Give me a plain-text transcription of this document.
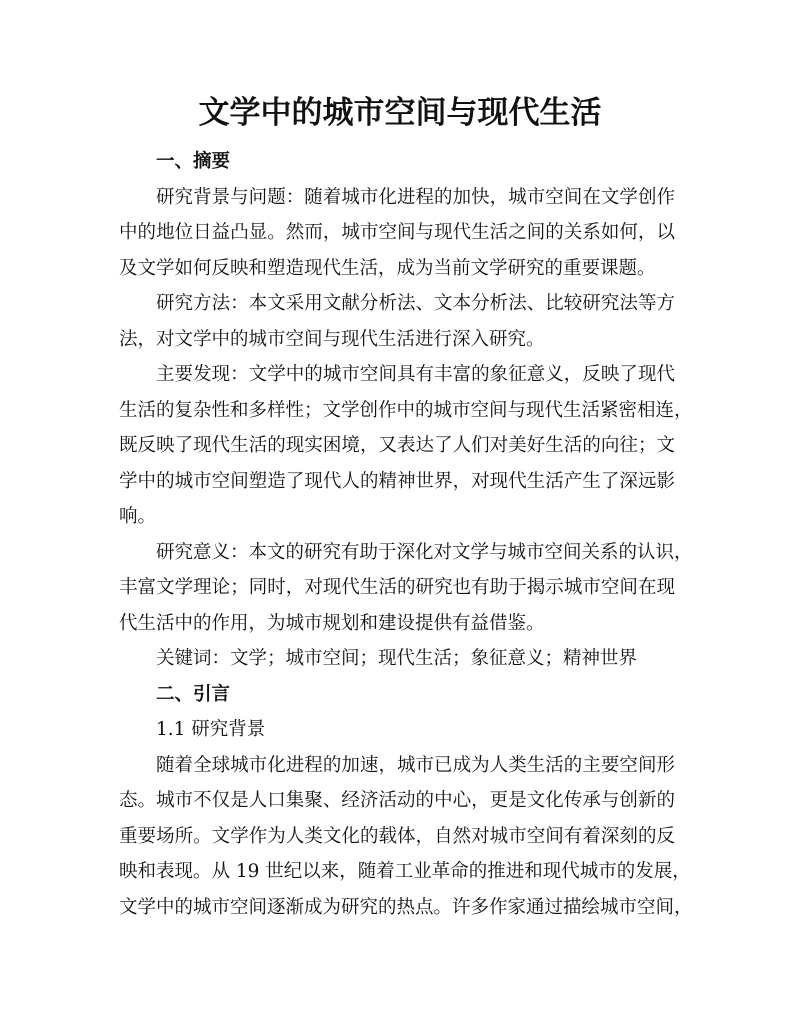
文学中的城市空间与现代生活
一、摘要
研究背景与问题：随着城市化进程的加快，城市空间在文学创作
中的地位日益凸显。然而，城市空间与现代生活之间的关系如何，以
及文学如何反映和塑造现代生活，成为当前文学研究的重要课题。
研究方法：本文采用文献分析法、文本分析法、比较研究法等方
法，对文学中的城市空间与现代生活进行深入研究。
主要发现：文学中的城市空间具有丰富的象征意义，反映了现代
生活的复杂性和多样性；文学创作中的城市空间与现代生活紧密相连，
既反映了现代生活的现实困境，又表达了人们对美好生活的向往；文
学中的城市空间塑造了现代人的精神世界，对现代生活产生了深远影
响。
研究意义：本文的研究有助于深化对文学与城市空间关系的认识，
丰富文学理论；同时，对现代生活的研究也有助于揭示城市空间在现
代生活中的作用，为城市规划和建设提供有益借鉴。
关键词：文学；城市空间；现代生活；象征意义；精神世界
二、引言
1.1 研究背景
随着全球城市化进程的加速，城市已成为人类生活的主要空间形
态。城市不仅是人口集聚、经济活动的中心，更是文化传承与创新的
重要场所。文学作为人类文化的载体，自然对城市空间有着深刻的反
映和表现。从 19 世纪以来，随着工业革命的推进和现代城市的发展，
文学中的城市空间逐渐成为研究的热点。许多作家通过描绘城市空间，
